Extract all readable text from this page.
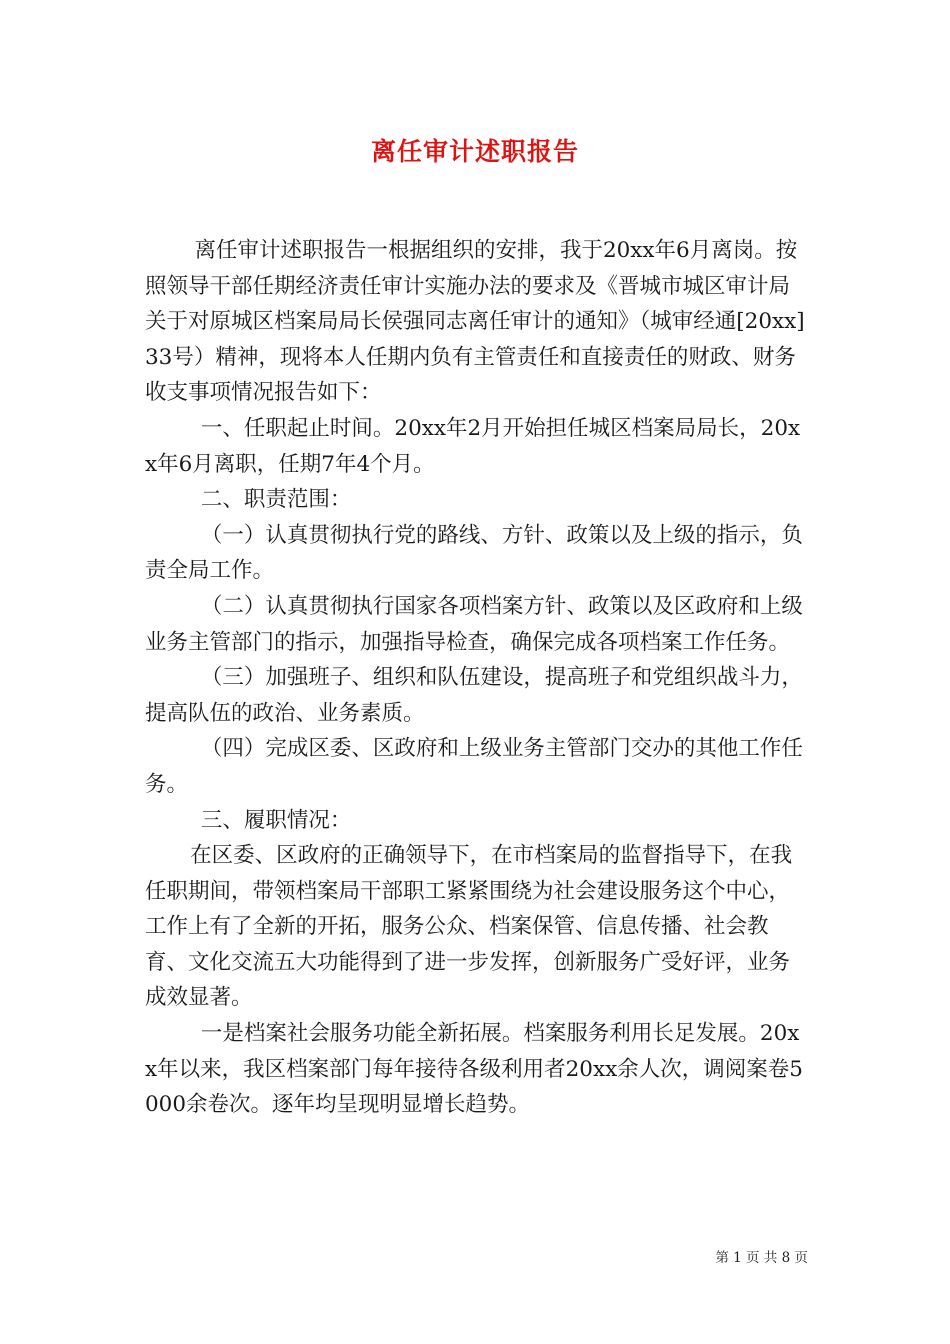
离任审计述职报告

离任审计述职报告一根据组织的安排，我于20xx年6月离岗。按照领导干部任期经济责任审计实施办法的要求及《晋城市城区审计局关于对原城区档案局局长侯强同志离任审计的通知》（城审经通[20xx]33号）精神，现将本人任期内负有主管责任和直接责任的财政、财务收支事项情况报告如下：

一、任职起止时间。20xx年2月开始担任城区档案局局长，20xx年6月离职，任期7年4个月。

二、职责范围：

（一）认真贯彻执行党的路线、方针、政策以及上级的指示，负责全局工作。

（二）认真贯彻执行国家各项档案方针、政策以及区政府和上级业务主管部门的指示，加强指导检查，确保完成各项档案工作任务。

（三）加强班子、组织和队伍建设，提高班子和党组织战斗力，提高队伍的政治、业务素质。

（四）完成区委、区政府和上级业务主管部门交办的其他工作任务。

三、履职情况：

在区委、区政府的正确领导下，在市档案局的监督指导下，在我任职期间，带领档案局干部职工紧紧围绕为社会建设服务这个中心，工作上有了全新的开拓，服务公众、档案保管、信息传播、社会教育、文化交流五大功能得到了进一步发挥，创新服务广受好评，业务成效显著。

一是档案社会服务功能全新拓展。档案服务利用长足发展。20xx年以来，我区档案部门每年接待各级利用者20xx余人次，调阅案卷5000余卷次。逐年均呈现明显增长趋势。

第 1 页 共 8 页
